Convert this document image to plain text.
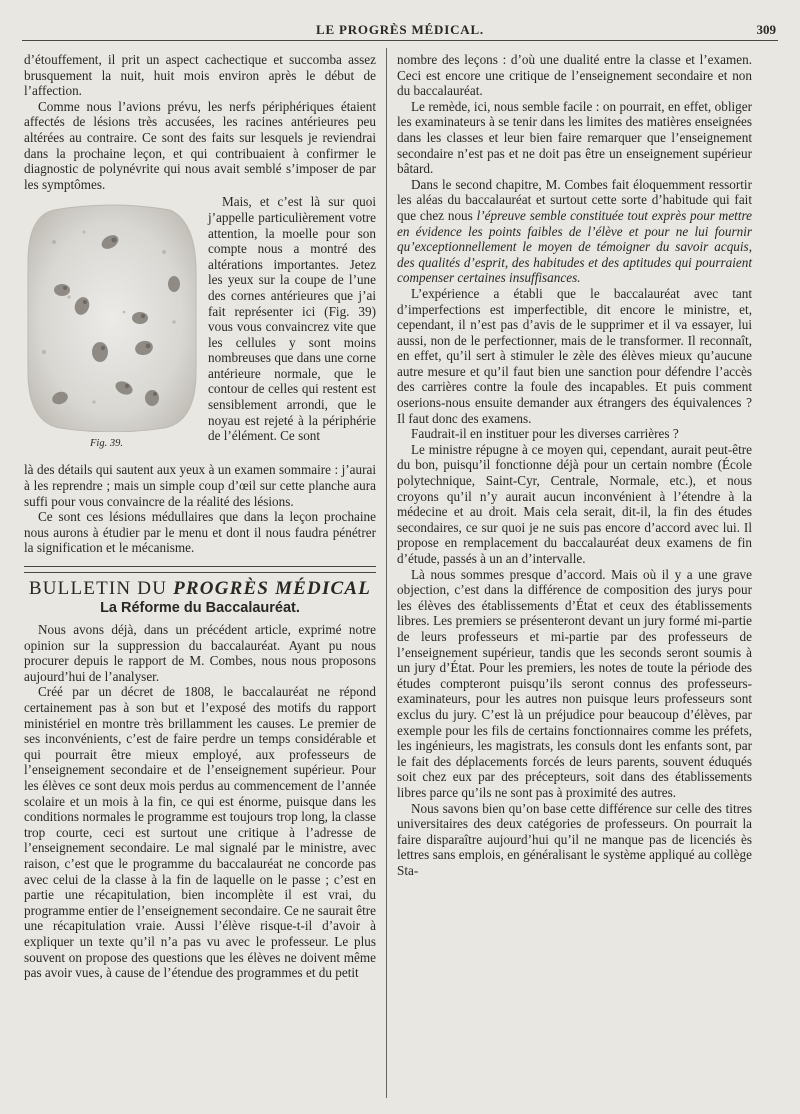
LE PROGRÈS MÉDICAL.	309

d’étouffement, il prit un aspect cachectique et succomba assez brusquement la nuit, huit mois environ après le début de l’affection.

Comme nous l’avions prévu, les nerfs périphériques étaient affectés de lésions très accusées, les racines antérieures peu altérées au contraire. Ce sont des faits sur lesquels je reviendrai dans la prochaine leçon, et qui contribuaient à confirmer le diagnostic de polynévrite qui nous avait semblé s’imposer de par les symptômes.

Fig. 39.

Mais, et c’est là sur quoi j’appelle particulièrement votre attention, la moelle pour son compte nous a montré des altérations importantes. Jetez les yeux sur la coupe de l’une des cornes antérieures que j’ai fait représenter ici (Fig. 39) vous vous convaincrez vite que les cellules y sont moins nombreuses que dans une corne antérieure normale, que le contour de celles qui restent est sensiblement arrondi, que le noyau est rejeté à la périphérie de l’élément. Ce sont

là des détails qui sautent aux yeux à un examen sommaire : j’aurai à les reprendre ; mais un simple coup d’œil sur cette planche aura suffi pour vous convaincre de la réalité des lésions.

Ce sont ces lésions médullaires que dans la leçon prochaine nous aurons à étudier par le menu et dont il nous faudra pénétrer la signification et le mécanisme.

BULLETIN DU PROGRÈS MÉDICAL
La Réforme du Baccalauréat.

Nous avons déjà, dans un précédent article, exprimé notre opinion sur la suppression du baccalauréat. Ayant pu nous procurer depuis le rapport de M. Combes, nous nous proposons aujourd’hui de l’analyser.

Créé par un décret de 1808, le baccalauréat ne répond certainement pas à son but et l’exposé des motifs du rapport ministériel en montre très brillamment les causes. Le premier de ses inconvénients, c’est de faire perdre un temps considérable et qui pourrait être mieux employé, aux professeurs de l’enseignement secondaire et de l’enseignement supérieur. Pour les élèves ce sont deux mois perdus au commencement de l’année scolaire et un mois à la fin, ce qui est énorme, puisque dans les conditions normales le programme est toujours trop long, la classe trop courte, ceci est surtout une critique à l’adresse de l’enseignement secondaire. Le mal signalé par le ministre, avec raison, c’est que le programme du baccalauréat ne concorde pas avec celui de la classe à la fin de laquelle on le passe ; c’est en partie une récapitulation, bien incomplète il est vrai, du programme entier de l’enseignement secondaire. Ce ne saurait être une récapitulation vraie. Aussi l’élève risque-t-il d’avoir à expliquer un texte qu’il n’a pas vu avec le professeur. Le plus souvent on propose des questions que les élèves ne doivent même pas avoir vues, à cause de l’étendue des programmes et du petit

nombre des leçons : d’où une dualité entre la classe et l’examen. Ceci est encore une critique de l’enseignement secondaire et non du baccalauréat.

Le remède, ici, nous semble facile : on pourrait, en effet, obliger les examinateurs à se tenir dans les limites des matières enseignées dans les classes et leur bien faire remarquer que l’enseignement secondaire n’est pas et ne doit pas être un enseignement supérieur bâtard.

Dans le second chapitre, M. Combes fait éloquemment ressortir les aléas du baccalauréat et surtout cette sorte d’habitude qui fait que chez nous l’épreuve semble constituée tout exprès pour mettre en évidence les points faibles de l’élève et pour ne lui fournir qu’exceptionnellement le moyen de témoigner du savoir acquis, des qualités d’esprit, des habitudes et des aptitudes qui pourraient compenser certaines insuffisances.

L’expérience a établi que le baccalauréat avec tant d’imperfections est imperfectible, dit encore le ministre, et, cependant, il n’est pas d’avis de le supprimer et il va essayer, lui aussi, non de le perfectionner, mais de le transformer. Il reconnaît, en effet, qu’il sert à stimuler le zèle des élèves mieux qu’aucune autre mesure et qu’il faut bien une sanction pour défendre l’accès des carrières contre la foule des incapables. Et puis comment oserions-nous ensuite demander aux étrangers des équivalences ? Il faut donc des examens.

Faudrait-il en instituer pour les diverses carrières ?

Le ministre répugne à ce moyen qui, cependant, aurait peut-être du bon, puisqu’il fonctionne déjà pour un certain nombre (École polytechnique, Saint-Cyr, Centrale, Normale, etc.), et nous croyons qu’il n’y aurait aucun inconvénient à l’étendre à la médecine et au droit. Mais cela serait, dit-il, la fin des études secondaires, ce sur quoi je ne suis pas encore d’accord avec lui. Il propose en remplacement du baccalauréat deux examens de fin d’étude, passés à un an d’intervalle.

Là nous sommes presque d’accord. Mais où il y a une grave objection, c’est dans la différence de composition des jurys pour les élèves des établissements d’État et ceux des établissements libres. Les premiers se présenteront devant un jury formé mi-partie de leurs professeurs et mi-partie par des professeurs de l’enseignement supérieur, tandis que les seconds seront soumis à un jury d’État. Pour les premiers, les notes de toute la période des études compteront puisqu’ils seront connus des professeurs-examinateurs, pour les autres non puisque leurs professeurs sont exclus du jury. C’est là un préjudice pour beaucoup d’élèves, par exemple pour les fils de certains fonctionnaires comme les préfets, les ingénieurs, les magistrats, les consuls dont les enfants sont, par le fait des déplacements forcés de leurs parents, souvent éduqués soit chez eux par des précepteurs, soit dans des établissements libres parce qu’ils ne sont pas à proximité des autres.

Nous savons bien qu’on base cette différence sur celle des titres universitaires des deux catégories de professeurs. On pourrait la faire disparaître aujourd’hui qu’il ne manque pas de licenciés ès lettres sans emplois, en généralisant le système appliqué au collège Sta-
